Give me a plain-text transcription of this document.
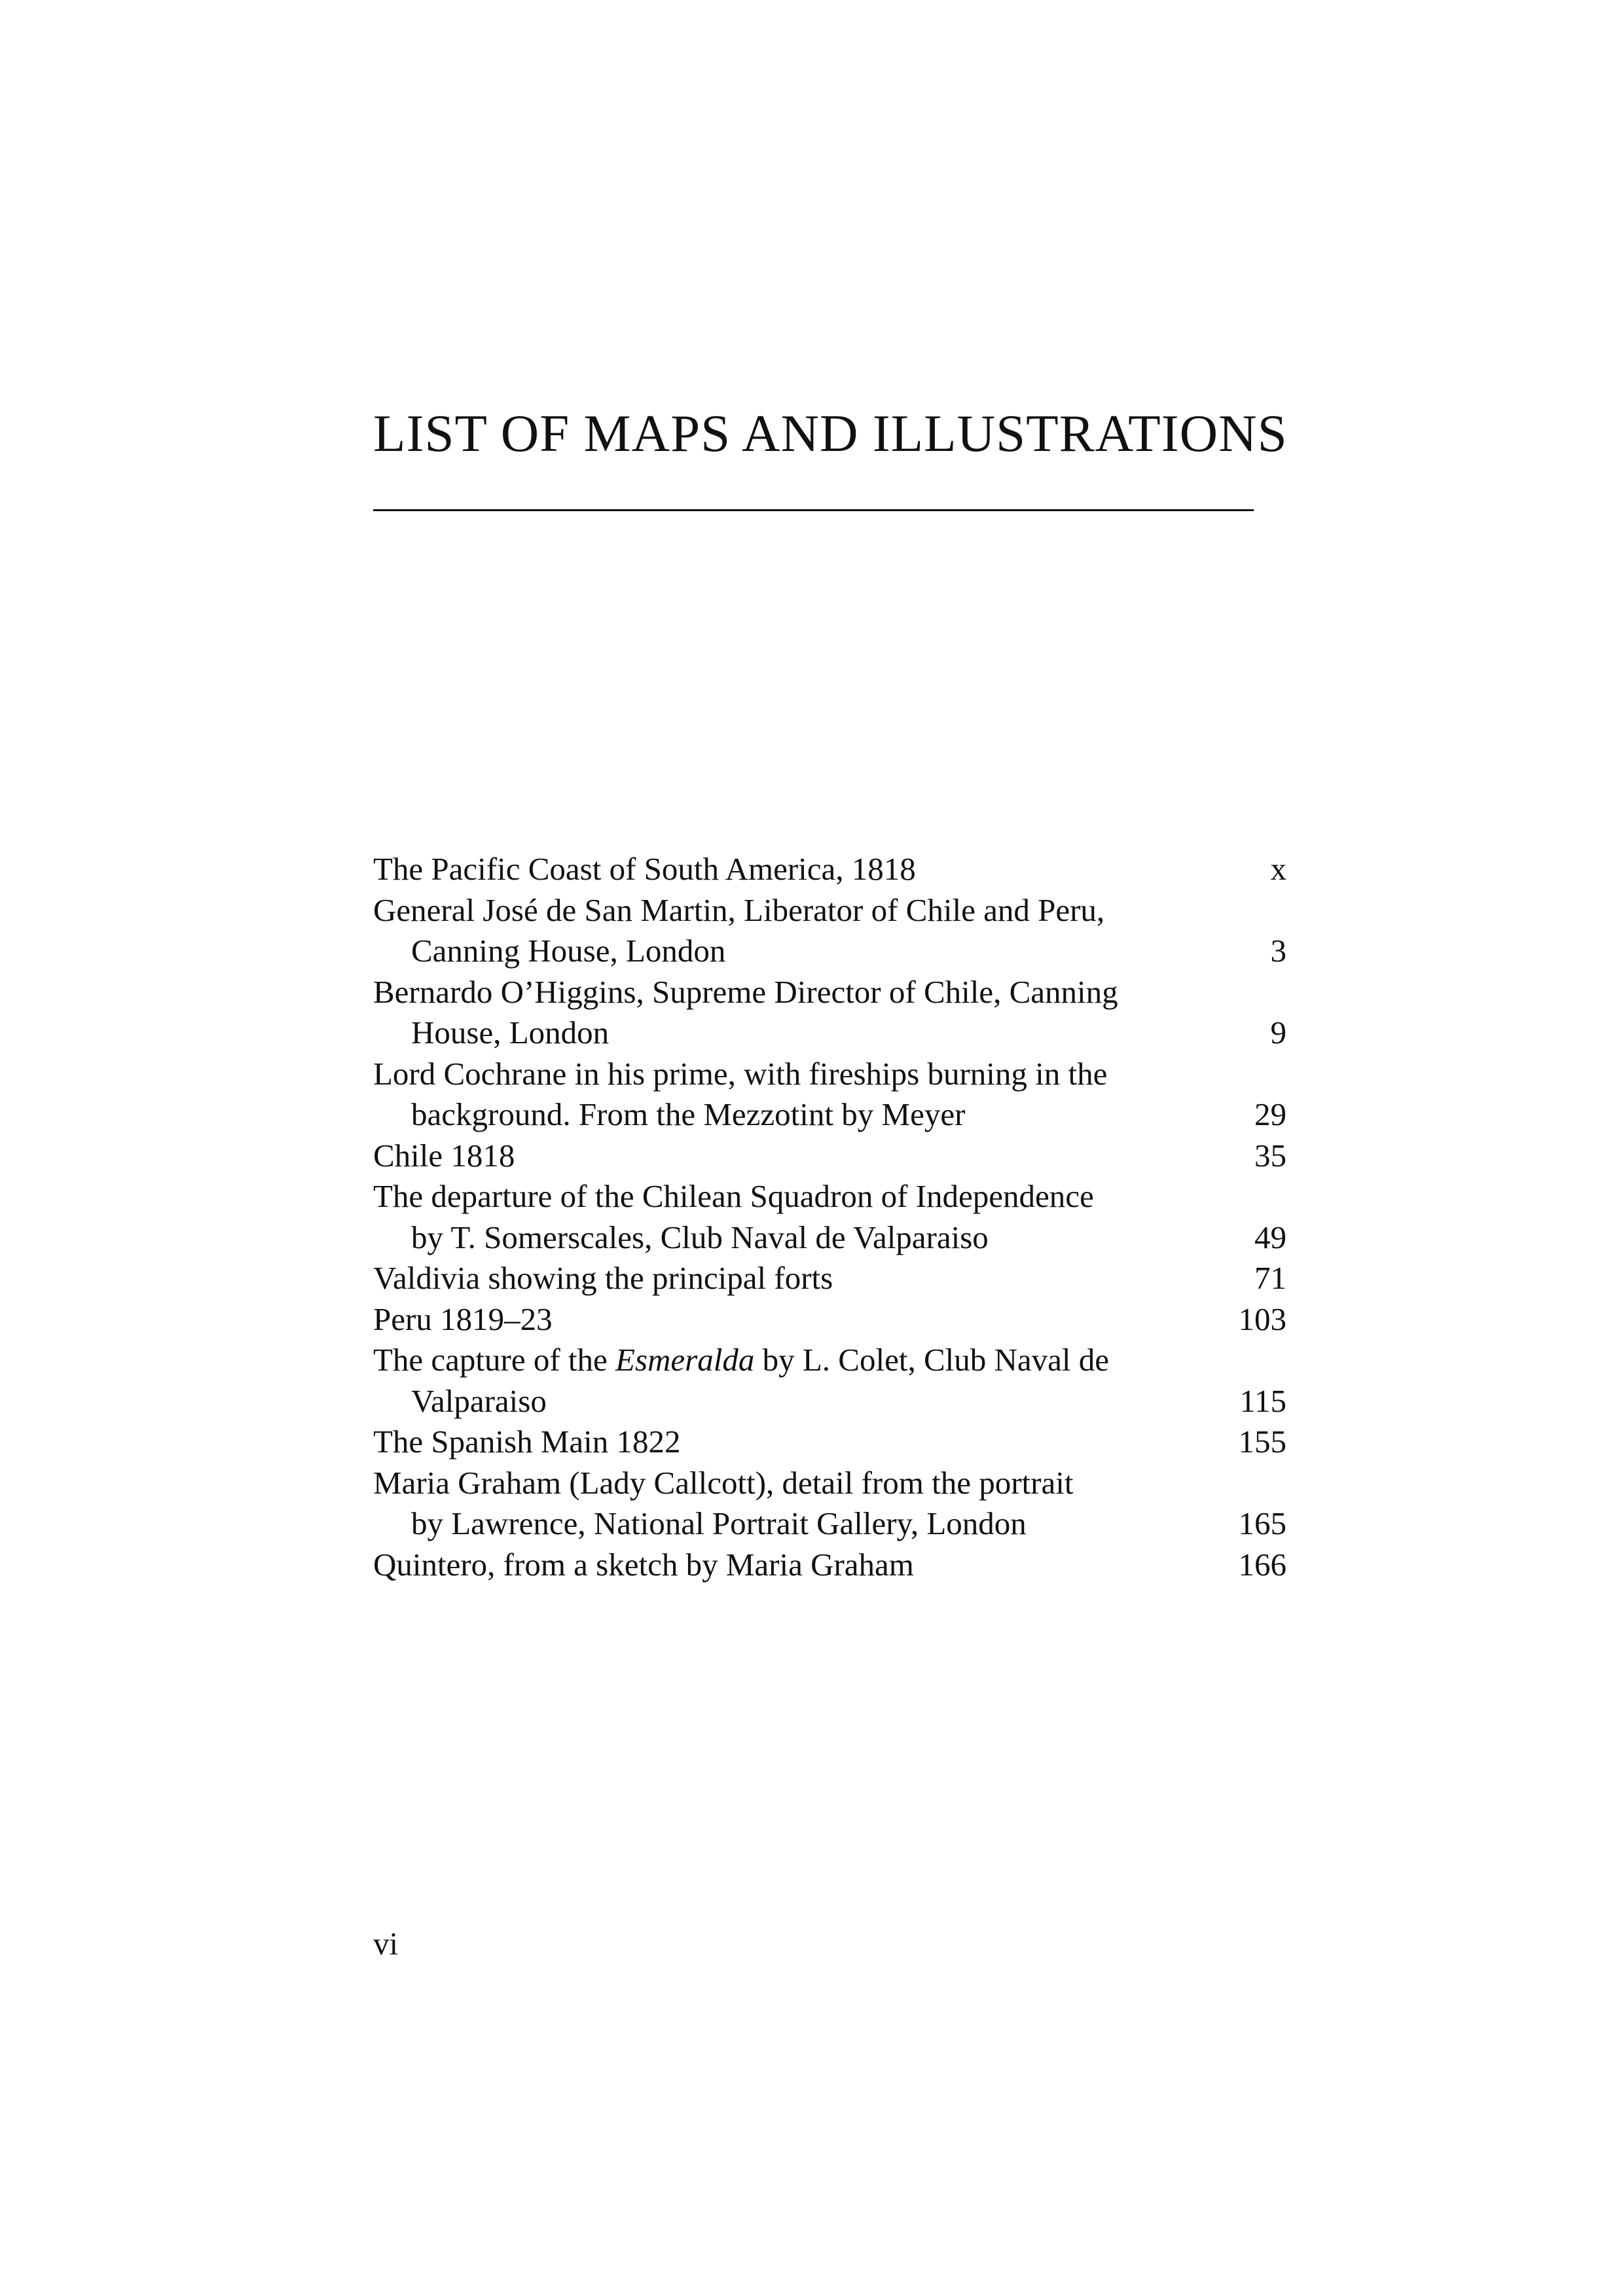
LIST OF MAPS AND ILLUSTRATIONS
The Pacific Coast of South America, 1818	x
General José de San Martin, Liberator of Chile and Peru,
Canning House, London	3
Bernardo O’Higgins, Supreme Director of Chile, Canning
House, London	9
Lord Cochrane in his prime, with fireships burning in the
background. From the Mezzotint by Meyer	29
Chile 1818	35
The departure of the Chilean Squadron of Independence
by T. Somerscales, Club Naval de Valparaiso	49
Valdivia showing the principal forts	71
Peru 1819–23	103
The capture of the Esmeralda by L. Colet, Club Naval de
Valparaiso	115
The Spanish Main 1822	155
Maria Graham (Lady Callcott), detail from the portrait
by Lawrence, National Portrait Gallery, London	165
Quintero, from a sketch by Maria Graham	166
vi
